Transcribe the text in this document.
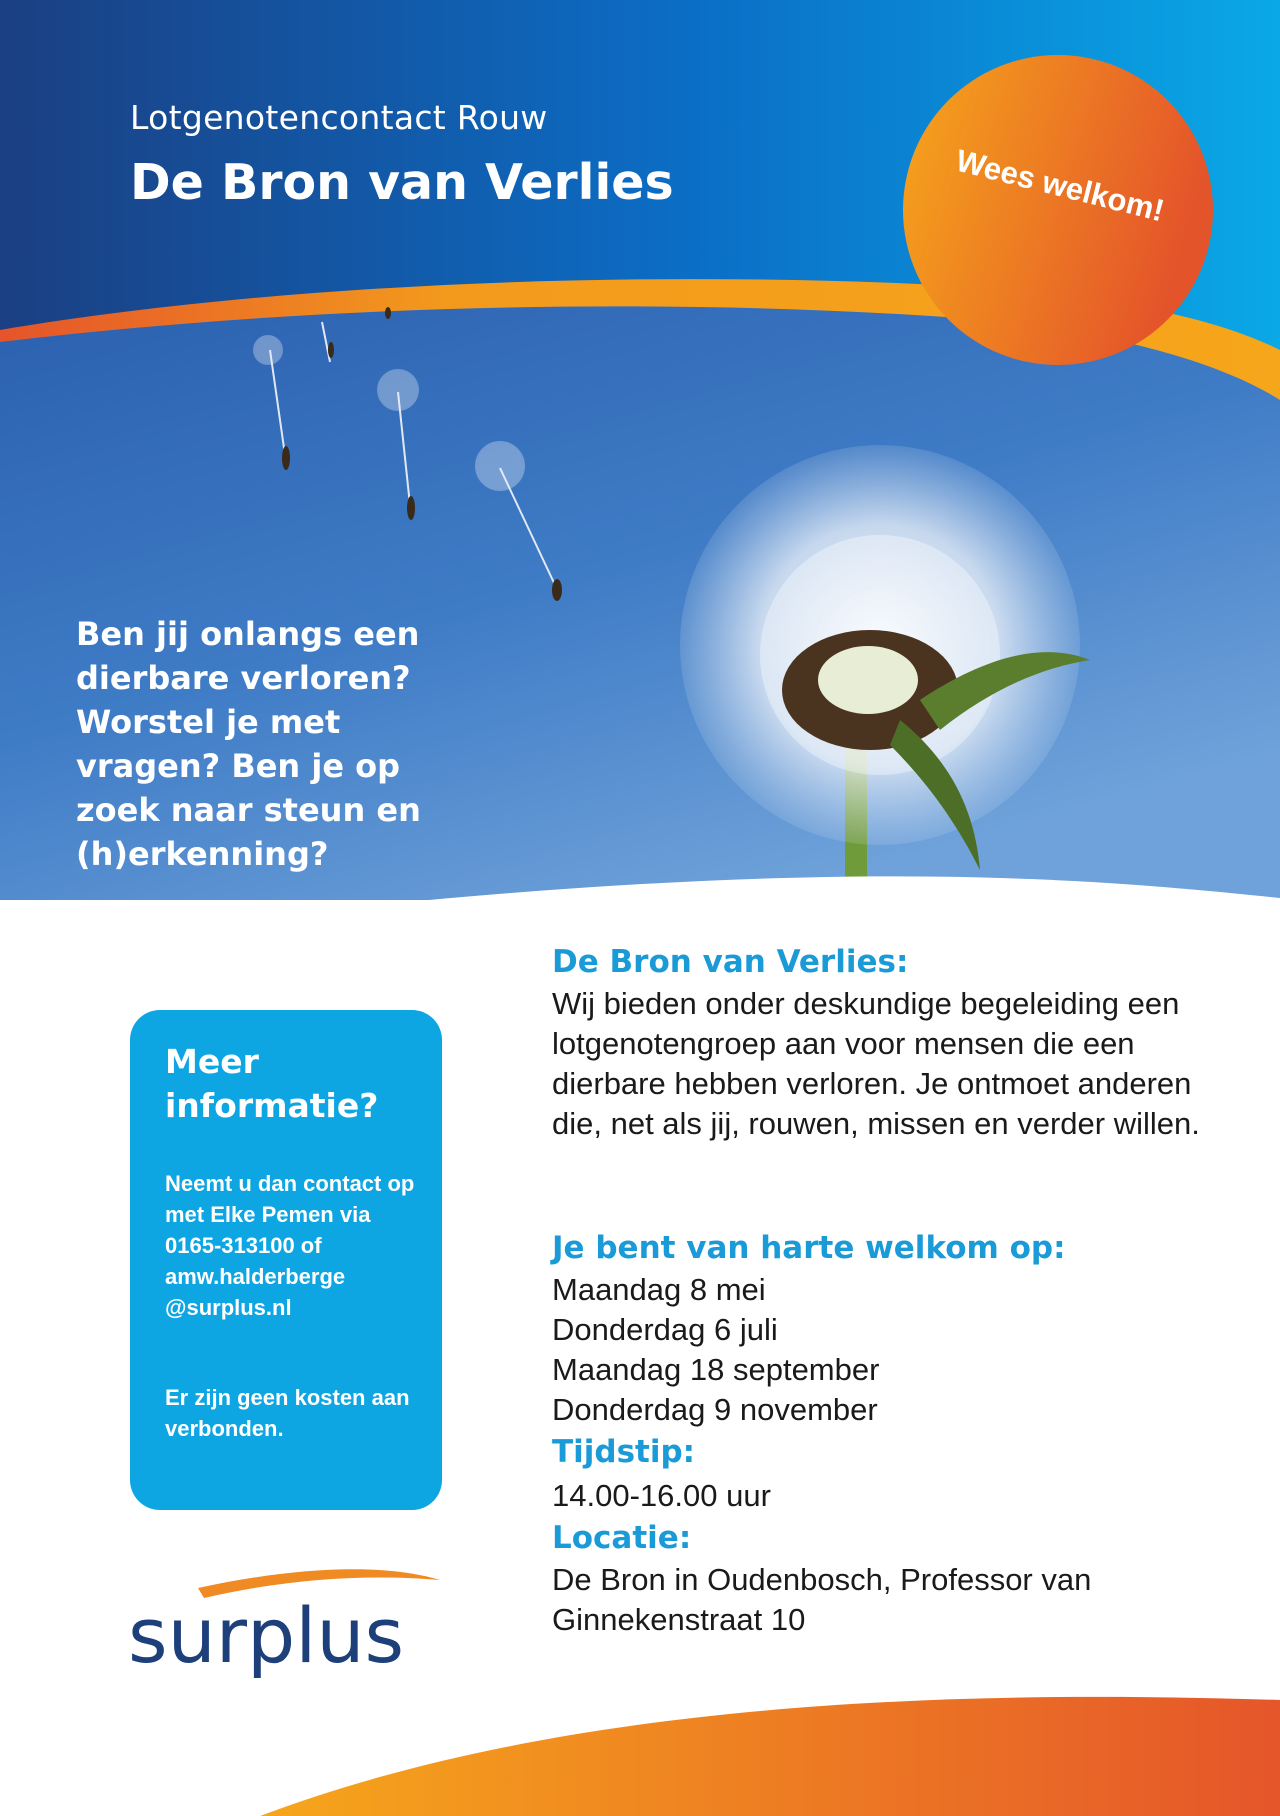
Lotgenotencontact Rouw
De Bron van Verlies	Wees welkom!
Ben jij onlangs een dierbare verloren? Worstel je met vragen? Ben je op zoek naar steun en (h)erkenning?
Meer informatie?
Neemt u dan contact op met Elke Pemen via 0165-313100 of amw.halderberge @surplus.nl
Er zijn geen kosten aan verbonden.
De Bron van Verlies:
Wij bieden onder deskundige begeleiding een lotgenotengroep aan voor mensen die een dierbare hebben verloren. Je ontmoet anderen die, net als jij, rouwen, missen en verder willen.
Je bent van harte welkom op:
Maandag 8 mei
Donderdag 6 juli
Maandag 18 september
Donderdag 9 november
Tijdstip:
14.00-16.00 uur
Locatie:
De Bron in Oudenbosch, Professor van
Ginnekenstraat 10
surplus
